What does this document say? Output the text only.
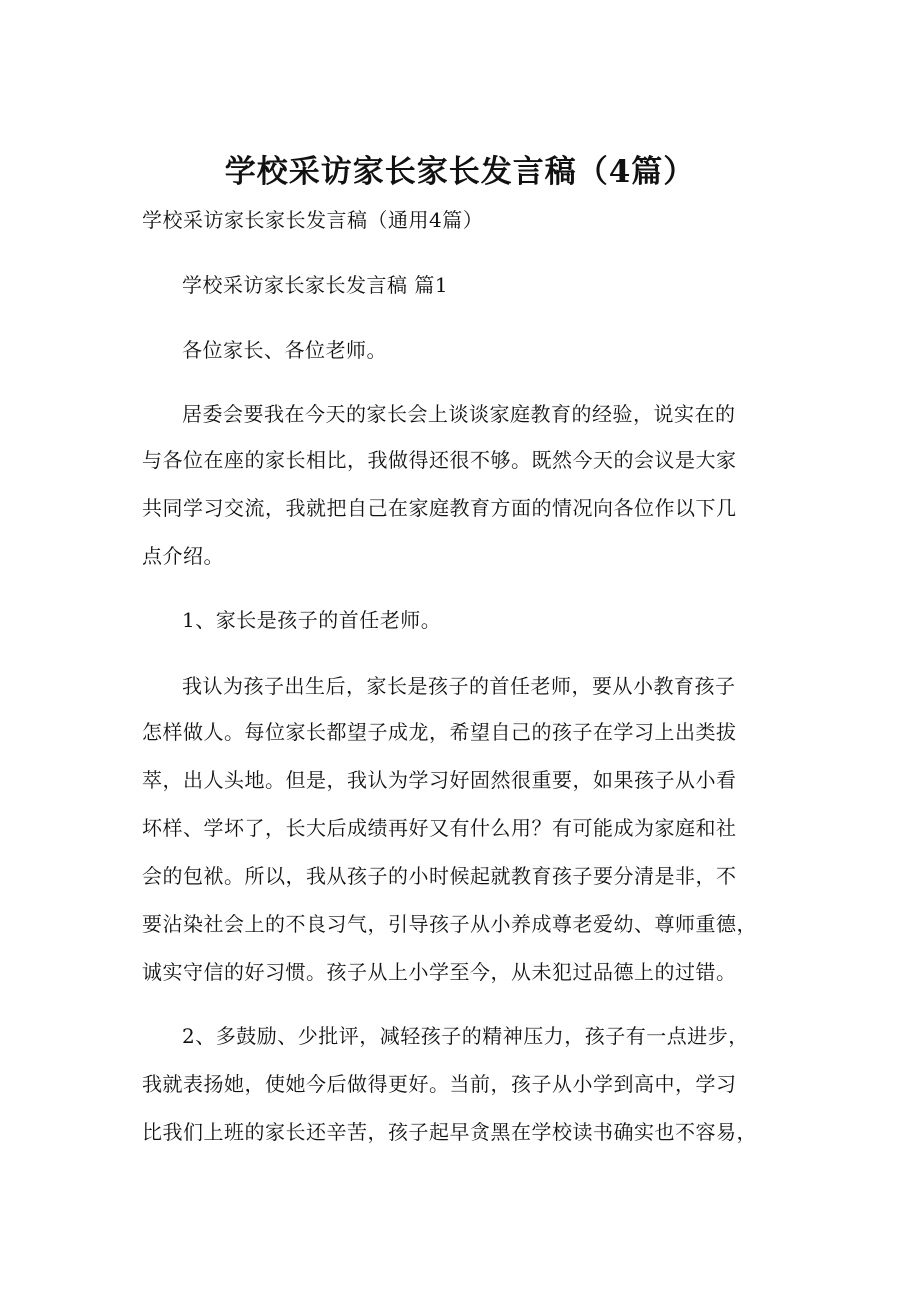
学校采访家长家长发言稿（4篇）
学校采访家长家长发言稿（通用4篇）
学校采访家长家长发言稿 篇1
各位家长、各位老师。
居委会要我在今天的家长会上谈谈家庭教育的经验，说实在的
与各位在座的家长相比，我做得还很不够。既然今天的会议是大家
共同学习交流，我就把自己在家庭教育方面的情况向各位作以下几
点介绍。
1、家长是孩子的首任老师。
我认为孩子出生后，家长是孩子的首任老师，要从小教育孩子
怎样做人。每位家长都望子成龙，希望自己的孩子在学习上出类拔
萃，出人头地。但是，我认为学习好固然很重要，如果孩子从小看
坏样、学坏了，长大后成绩再好又有什么用？有可能成为家庭和社
会的包袱。所以，我从孩子的小时候起就教育孩子要分清是非，不
要沾染社会上的不良习气，引导孩子从小养成尊老爱幼、尊师重德，
诚实守信的好习惯。孩子从上小学至今，从未犯过品德上的过错。
2、多鼓励、少批评，减轻孩子的精神压力，孩子有一点进步，
我就表扬她，使她今后做得更好。当前，孩子从小学到高中，学习
比我们上班的家长还辛苦，孩子起早贪黑在学校读书确实也不容易，
